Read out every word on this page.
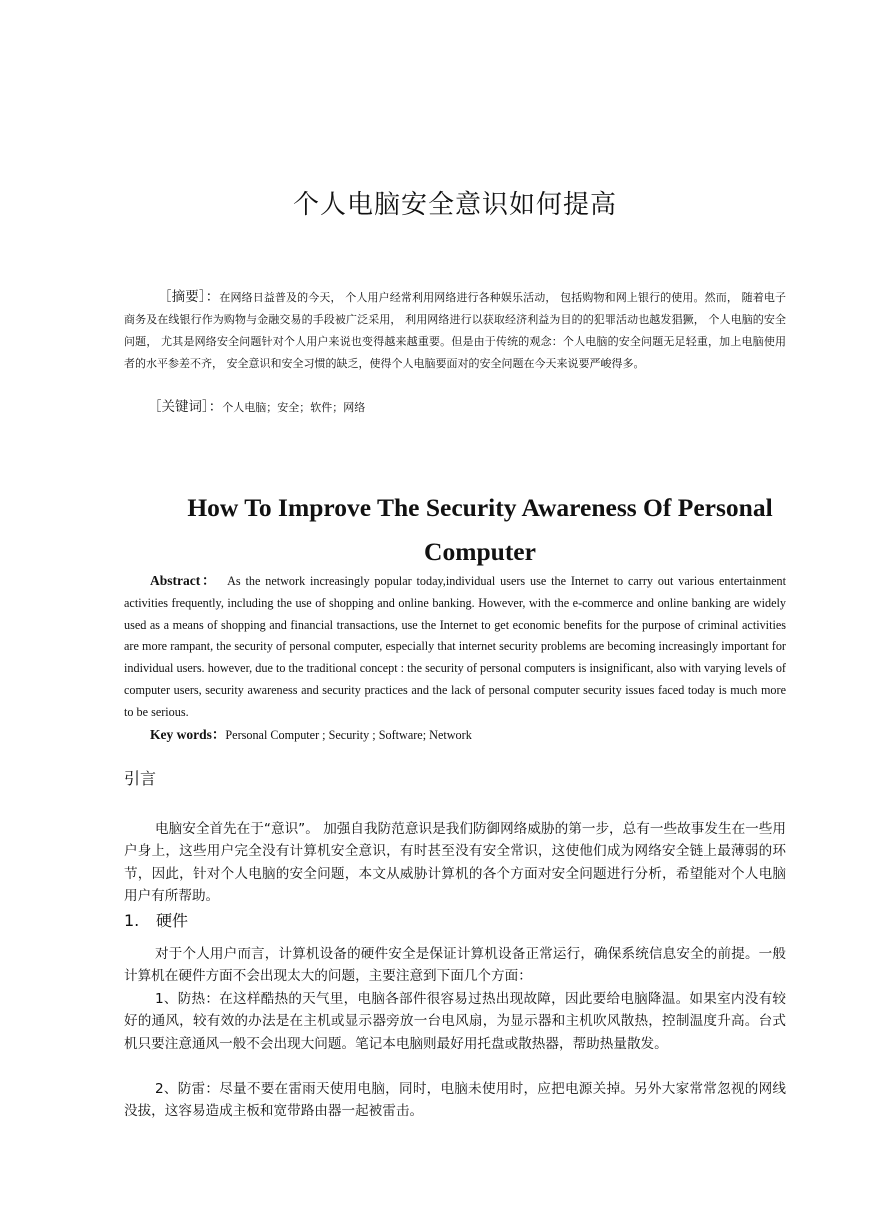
个人电脑安全意识如何提高
［摘要］：在网络日益普及的今天， 个人用户经常利用网络进行各种娱乐活动， 包括购物和网上银行的使用。然而， 随着电子商务及在线银行作为购物与金融交易的手段被广泛采用， 利用网络进行以获取经济利益为目的的犯罪活动也越发猖獗， 个人电脑的安全问题， 尤其是网络安全问题针对个人用户来说也变得越来越重要。但是由于传统的观念：个人电脑的安全问题无足轻重，加上电脑使用者的水平参差不齐， 安全意识和安全习惯的缺乏，使得个人电脑要面对的安全问题在今天来说要严峻得多。
［关键词］：个人电脑；安全；软件；网络
How To Improve The Security Awareness Of Personal Computer
Abstract： As the network increasingly popular today,individual users use the Internet to carry out various entertainment activities frequently, including the use of shopping and online banking. However, with the e-commerce and online banking are widely used as a means of shopping and financial transactions, use the Internet to get economic benefits for the purpose of criminal activities are more rampant, the security of personal computer, especially that internet security problems are becoming increasingly important for individual users. however, due to the traditional concept : the security of personal computers is insignificant, also with varying levels of computer users, security awareness and security practices and the lack of personal computer security issues faced today is much more to be serious.
Key words：Personal Computer ; Security ; Software; Network
引言

电脑安全首先在于“意识”。 加强自我防范意识是我们防御网络威胁的第一步，总有一些故事发生在一些用户身上，这些用户完全没有计算机安全意识，有时甚至没有安全常识，这使他们成为网络安全链上最薄弱的环节，因此，针对个人电脑的安全问题，本文从威胁计算机的各个方面对安全问题进行分析，希望能对个人电脑用户有所帮助。

1. 硬件

对于个人用户而言，计算机设备的硬件安全是保证计算机设备正常运行，确保系统信息安全的前提。一般计算机在硬件方面不会出现太大的问题，主要注意到下面几个方面：

1、防热：在这样酷热的天气里，电脑各部件很容易过热出现故障，因此要给电脑降温。如果室内没有较好的通风，较有效的办法是在主机或显示器旁放一台电风扇，为显示器和主机吹风散热，控制温度升高。台式机只要注意通风一般不会出现大问题。笔记本电脑则最好用托盘或散热器，帮助热量散发。

2、防雷：尽量不要在雷雨天使用电脑，同时，电脑未使用时，应把电源关掉。另外大家常常忽视的网线没拔，这容易造成主板和宽带路由器一起被雷击。
